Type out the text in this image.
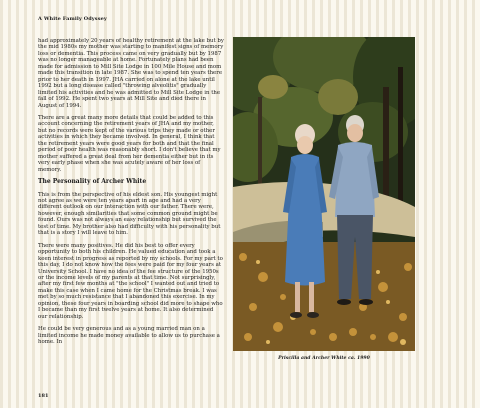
A White Family Odyssey

had approximately 20 years of healthy retirement at the lake but by the mid 1980s my mother was starting to manifest signs of memory loss or dementia. This process came on very gradually but by 1987 was no longer manageable at home. Fortunately plans had been made for admission to Mill Site Lodge in 100 Mile House and mom made this transition in late 1987. She was to spend ten years there prior to her death in 1997. JHA carried on alone at the lake until 1992 but a long disease called "throwing alveolitis" gradually limited his activities and he was admitted to Mill Site Lodge in the fall of 1992. He spent two years at Mill Site and died there in August of 1994.

There are a great many more details that could be added to this account concerning the retirement years of JHA and my mother, but no records were kept of the various trips they made or other activities in which they became involved. In general, I think that the retirement years were good years for both and that the final period of poor health was reasonably short. I don't believe that my mother suffered a great deal from her dementia either but in its very early phase when she was acutely aware of her loss of memory.

The Personality of Archer White

This is from the perspective of his eldest son. His youngest might not agree as we were ten years apart in age and had a very different outlook on our interaction with our father. There were, however, enough similarities that some common ground might be found. Ours was not always an easy relationship but survived the test of time. My brother also had difficulty with his personality but that is a story I will leave to him.

There were many positives. He did his best to offer every opportunity to both his children. He valued education and took a keen interest in progress as reported by my schools. For my part to this day, I do not know how the fees were paid for my four years at University School. I have no idea of the fee structure of the 1950s or the income levels of my parents at that time. Not surprisingly, after my first few months at "the school" I wanted out and tried to make this case when I came home for the Christmas break. I was met by so much resistance that I abandoned this exercise. In my opinion, these four years in boarding school did more to shape who I became than my first twelve years at home. It also determined our relationship.

He could be very generous and as a young married man on a limited income he made money available to allow us to purchase a home. In

Priscilla and Archer White ca. 1990
181
